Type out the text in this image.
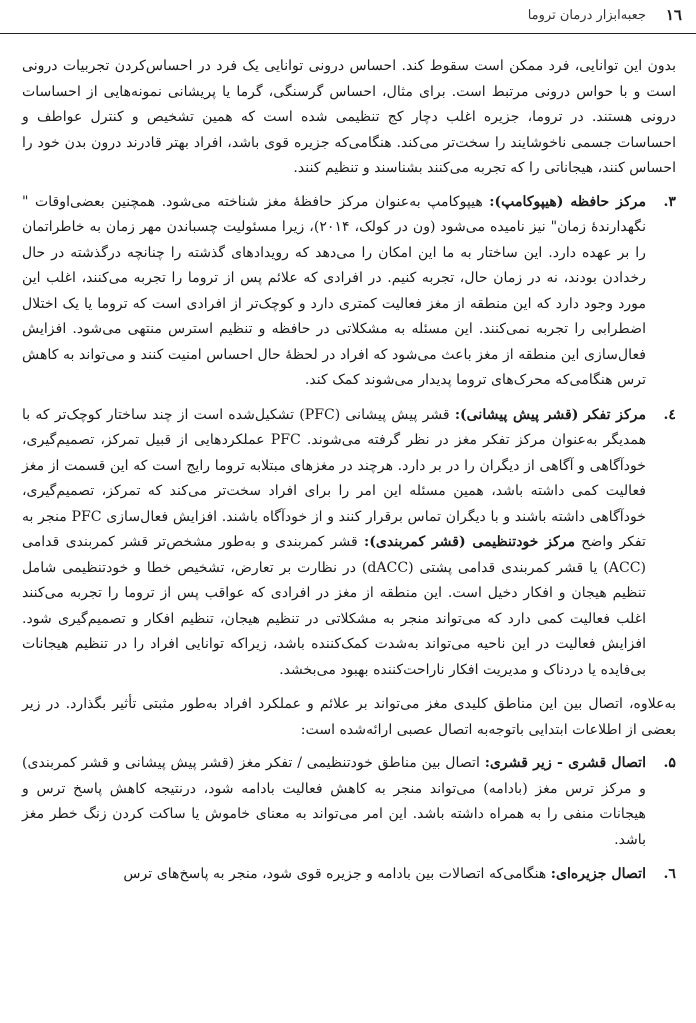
١٦
جعبه‌ابزار درمان تروما

بدون این توانایی، فرد ممکن است سقوط کند. احساس درونی توانایی یک فرد در احساس‌کردن تجربیات درونی است و با حواس درونی مرتبط است. برای مثال، احساس گرسنگی، گرما یا پریشانی نمونه‌هایی از احساسات درونی هستند. در تروما، جزیره اغلب دچار کج تنظیمی شده است که همین تشخیص و کنترل عواطف و احساسات جسمی ناخوشایند را سخت‌تر می‌کند. هنگامی‌که جزیره قوی باشد، افراد بهتر قادرند درون بدن خود را احساس کنند، هیجاناتی را که تجربه می‌کنند بشناسند و تنظیم کنند.

۳.
مرکز حافظه (هیپوکامپ): هیپوکامپ به‌عنوان مرکز حافظهٔ مغز شناخته می‌شود. همچنین بعضی‌اوقات " نگهدارندهٔ زمان" نیز نامیده می‌شود (ون در کولک، ۲۰۱۴)، زیرا مسئولیت چسباندن مهر زمان به خاطراتمان را بر عهده دارد. این ساختار به ما این امکان را می‌دهد که رویدادهای گذشته را چنانچه درگذشته در حال رخدادن بودند، نه در زمان حال، تجربه کنیم. در افرادی که علائم پس از تروما را تجربه می‌کنند، اغلب این مورد وجود دارد که این منطقه از مغز فعالیت کمتری دارد و کوچک‌تر از افرادی است که تروما یا یک اختلال اضطرابی را تجربه نمی‌کنند. این مسئله به مشکلاتی در حافظه و تنظیم استرس منتهی می‌شود. افزایش فعال‌سازی این منطقه از مغز باعث می‌شود که افراد در لحظهٔ حال احساس امنیت کنند و می‌تواند به کاهش ترس هنگامی‌که محرک‌های تروما پدیدار می‌شوند کمک کند.
٤.
مرکز تفکر (قشر پیش پیشانی): قشر پیش پیشانی (PFC) تشکیل‌شده است از چند ساختار کوچک‌تر که با همدیگر به‌عنوان مرکز تفکر مغز در نظر گرفته می‌شوند. PFC عملکردهایی از قبیل تمرکز، تصمیم‌گیری، خودآگاهی و آگاهی از دیگران را در بر دارد. هرچند در مغزهای مبتلابه تروما رایج است که این قسمت از مغز فعالیت کمی داشته باشد، همین مسئله این امر را برای افراد سخت‌تر می‌کند که تمرکز، تصمیم‌گیری، خودآگاهی داشته باشند و با دیگران تماس برقرار کنند و از خودآگاه باشند. افزایش فعال‌سازی PFC منجر به تفکر واضح مرکز خودتنظیمی (قشر کمربندی): قشر کمربندی و به‌طور مشخص‌تر قشر کمربندی قدامی (ACC) یا قشر کمربندی قدامی پشتی (dACC) در نظارت بر تعارض، تشخیص خطا و خودتنظیمی شامل تنظیم هیجان و افکار دخیل است. این منطقه از مغز در افرادی که عواقب پس از تروما را تجربه می‌کنند اغلب فعالیت کمی دارد که می‌تواند منجر به مشکلاتی در تنظیم هیجان، تنظیم افکار و تصمیم‌گیری شود. افزایش فعالیت در این ناحیه می‌تواند به‌شدت کمک‌کننده باشد، زیراکه توانایی افراد را در تنظیم هیجانات بی‌فایده یا دردناک و مدیریت افکار ناراحت‌کننده بهبود می‌بخشد.

به‌علاوه، اتصال بین این مناطق کلیدی مغز می‌تواند بر علائم و عملکرد افراد به‌طور مثبتی تأثیر بگذارد. در زیر بعضی از اطلاعات ابتدایی باتوجه‌به اتصال عصبی ارائه‌شده است:

۵.
اتصال قشری - زیر قشری: اتصال بین مناطق خودتنظیمی / تفکر مغز (قشر پیش پیشانی و قشر کمربندی) و مرکز ترس مغز (بادامه) می‌تواند منجر به کاهش فعالیت بادامه شود، درنتیجه کاهش پاسخ ترس و هیجانات منفی را به همراه داشته باشد. این امر می‌تواند به معنای خاموش یا ساکت کردن زنگ خطر مغز باشد.
٦.
اتصال جزیره‌ای: هنگامی‌که اتصالات بین بادامه و جزیره قوی شود، منجر به پاسخ‌های ترس
